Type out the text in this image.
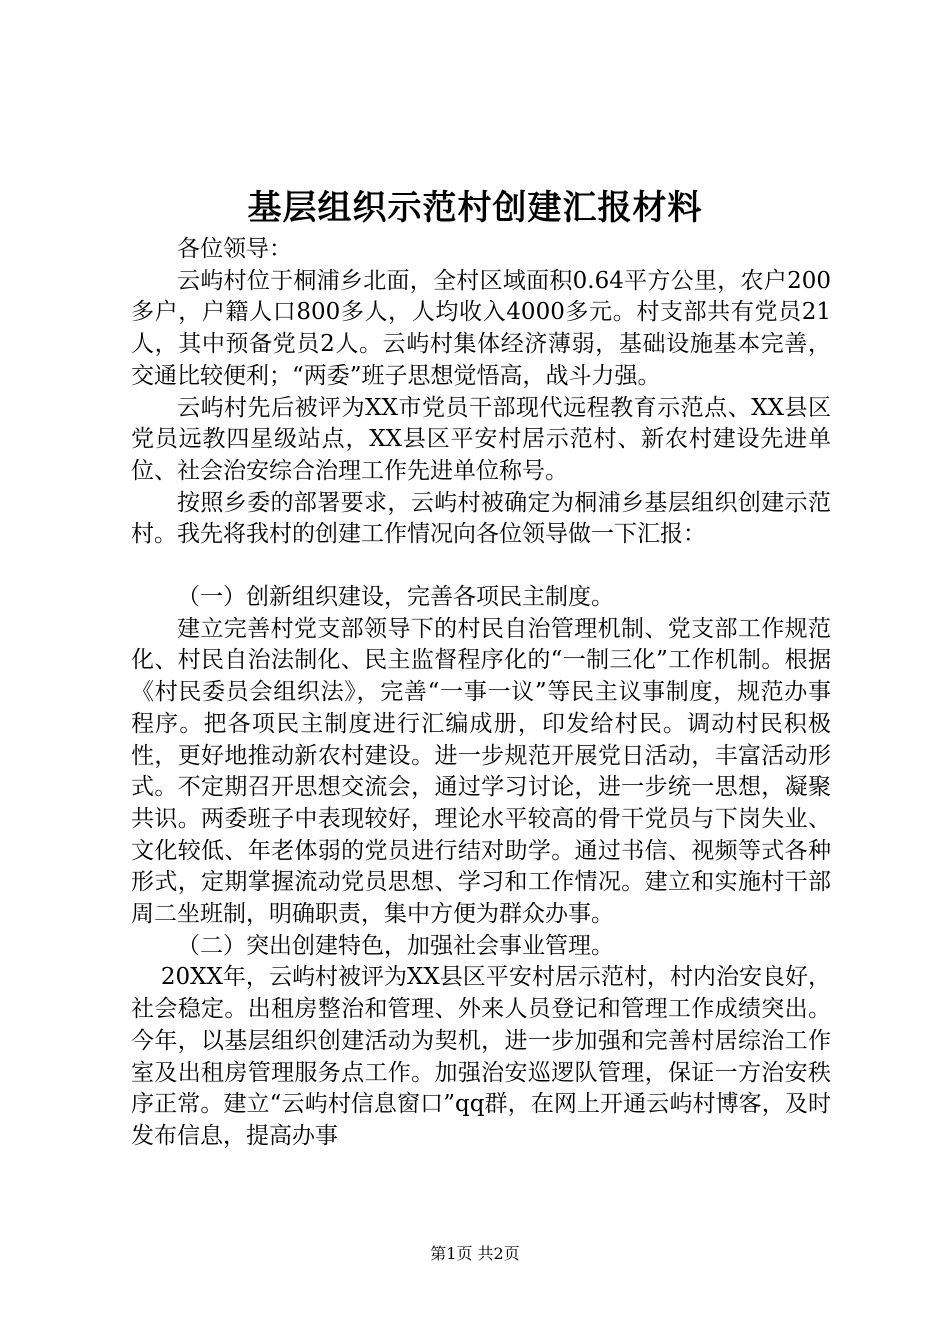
基层组织示范村创建汇报材料

各位领导：

云屿村位于桐浦乡北面，全村区域面积0.64平方公里，农户200多户，户籍人口800多人，人均收入4000多元。村支部共有党员21人，其中预备党员2人。云屿村集体经济薄弱，基础设施基本完善，交通比较便利；“两委”班子思想觉悟高，战斗力强。

云屿村先后被评为XX市党员干部现代远程教育示范点、XX县区党员远教四星级站点，XX县区平安村居示范村、新农村建设先进单位、社会治安综合治理工作先进单位称号。

按照乡委的部署要求，云屿村被确定为桐浦乡基层组织创建示范村。我先将我村的创建工作情况向各位领导做一下汇报：

（一）创新组织建设，完善各项民主制度。

建立完善村党支部领导下的村民自治管理机制、党支部工作规范化、村民自治法制化、民主监督程序化的“一制三化”工作机制。根据《村民委员会组织法》，完善“一事一议”等民主议事制度，规范办事程序。把各项民主制度进行汇编成册，印发给村民。调动村民积极性，更好地推动新农村建设。进一步规范开展党日活动，丰富活动形式。不定期召开思想交流会，通过学习讨论，进一步统一思想，凝聚共识。两委班子中表现较好，理论水平较高的骨干党员与下岗失业、文化较低、年老体弱的党员进行结对助学。通过书信、视频等式各种形式，定期掌握流动党员思想、学习和工作情况。建立和实施村干部周二坐班制，明确职责，集中方便为群众办事。

（二）突出创建特色，加强社会事业管理。

20XX年，云屿村被评为XX县区平安村居示范村，村内治安良好，社会稳定。出租房整治和管理、外来人员登记和管理工作成绩突出。今年，以基层组织创建活动为契机，进一步加强和完善村居综治工作室及出租房管理服务点工作。加强治安巡逻队管理，保证一方治安秩序正常。建立“云屿村信息窗口”qq群，在网上开通云屿村博客，及时发布信息，提高办事

第1页 共2页
